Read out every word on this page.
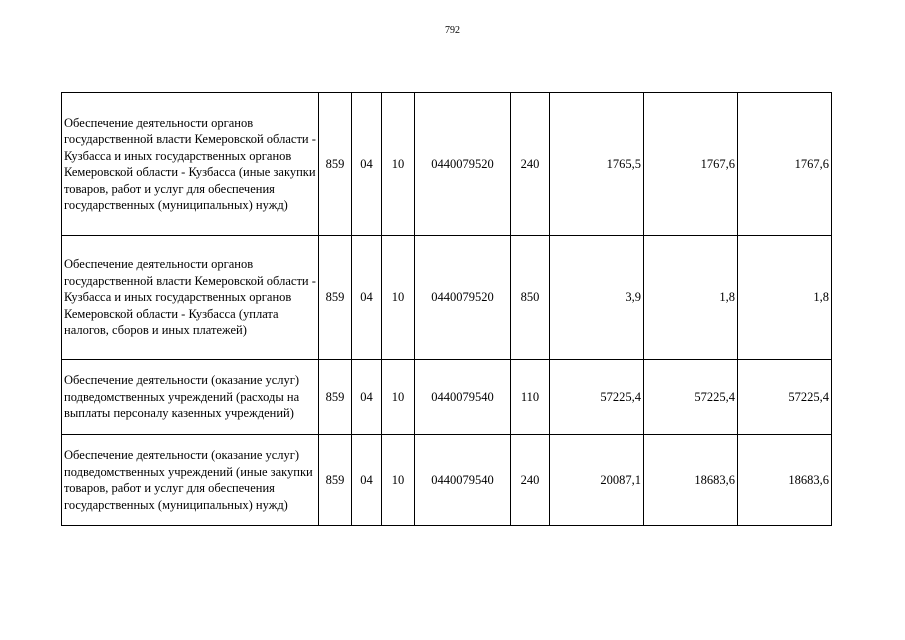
792
Обеспечение деятельности органов государственной власти Кемеровской области - Кузбасса и иных государственных органов Кемеровской области - Кузбасса (иные закупки товаров, работ и услуг для обеспечения государственных (муниципальных) нужд)	859	04	10	0440079520	240	1765,5	1767,6	1767,6
Обеспечение деятельности органов государственной власти Кемеровской области - Кузбасса и иных государственных органов Кемеровской области - Кузбасса (уплата налогов, сборов и иных платежей)	859	04	10	0440079520	850	3,9	1,8	1,8
Обеспечение деятельности (оказание услуг) подведомственных учреждений (расходы на выплаты персоналу казенных учреждений)	859	04	10	0440079540	110	57225,4	57225,4	57225,4
Обеспечение деятельности (оказание услуг) подведомственных учреждений (иные закупки товаров, работ и услуг для обеспечения государственных (муниципальных) нужд)	859	04	10	0440079540	240	20087,1	18683,6	18683,6
